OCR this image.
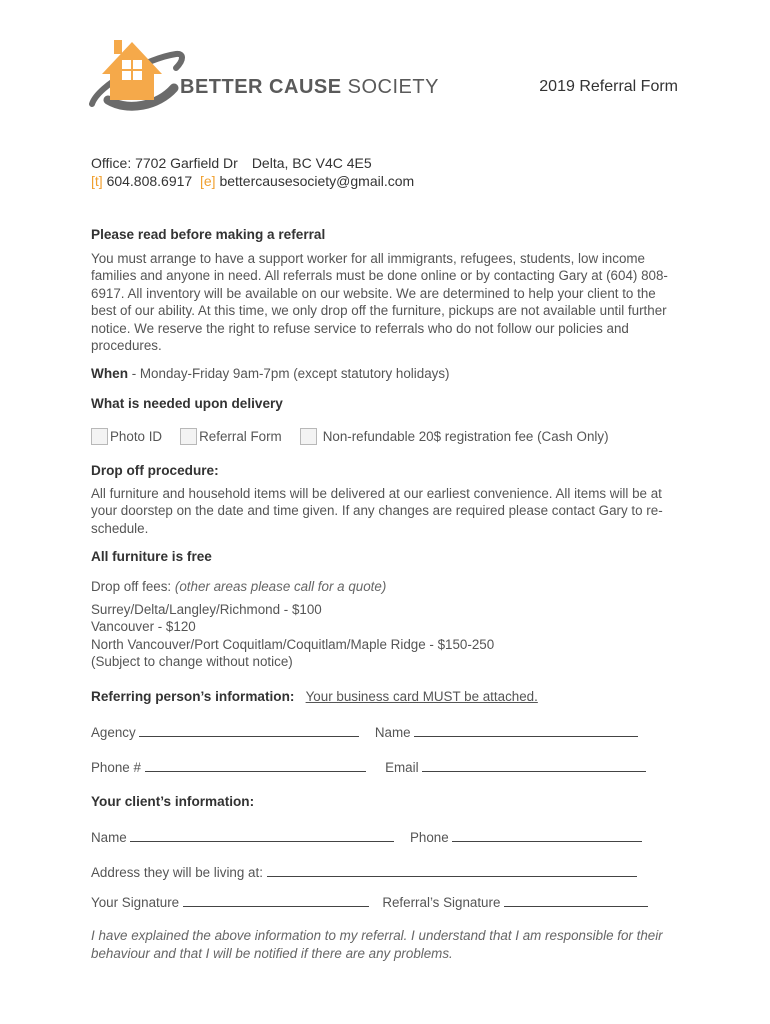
BETTER CAUSE SOCIETY	2019 Referral Form
Office: 7702 Garfield Dr Delta, BC V4C 4E5
[t] 604.808.6917 [e] bettercausesociety@gmail.com
Please read before making a referral
You must arrange to have a support worker for all immigrants, refugees, students, low income families and anyone in need. All referrals must be done online or by contacting Gary at (604) 808-6917. All inventory will be available on our website. We are determined to help your client to the best of our ability. At this time, we only drop off the furniture, pickups are not available until further notice. We reserve the right to refuse service to referrals who do not follow our policies and procedures.
When - Monday-Friday 9am-7pm (except statutory holidays)
What is needed upon delivery
Photo ID	Referral Form	Non-refundable 20$ registration fee (Cash Only)
Drop off procedure:
All furniture and household items will be delivered at our earliest convenience. All items will be at your doorstep on the date and time given. If any changes are required please contact Gary to re-schedule.
All furniture is free
Drop off fees: (other areas please call for a quote)
Surrey/Delta/Langley/Richmond - $100
Vancouver - $120
North Vancouver/Port Coquitlam/Coquitlam/Maple Ridge - $150-250
(Subject to change without notice)
Referring person’s information: Your business card MUST be attached.
Agency	Name
Phone #	Email
Your client’s information:
Name	Phone
Address they will be living at:
Your Signature	Referral’s Signature
I have explained the above information to my referral. I understand that I am responsible for their behaviour and that I will be notified if there are any problems.
